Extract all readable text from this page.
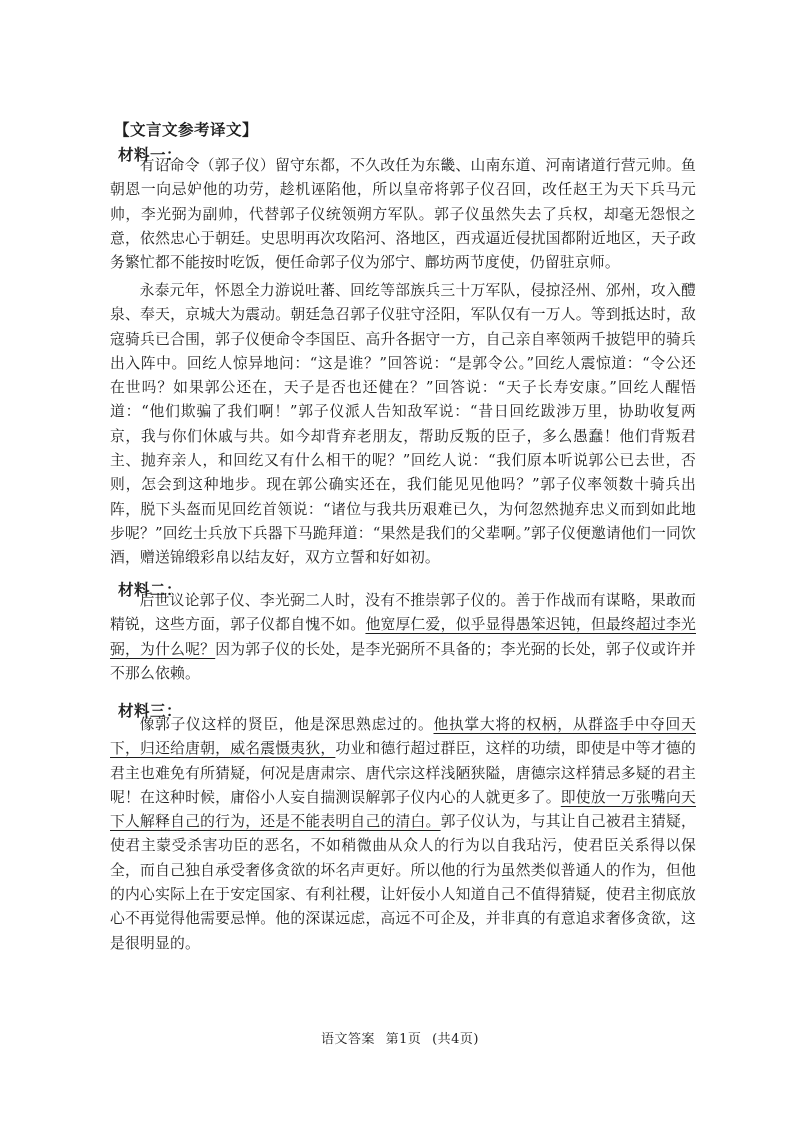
【文言文参考译文】
材料一：

有诏命令（郭子仪）留守东都，不久改任为东畿、山南东道、河南诸道行营元帅。鱼朝恩一向忌妒他的功劳，趁机诬陷他，所以皇帝将郭子仪召回，改任赵王为天下兵马元帅，李光弼为副帅，代替郭子仪统领朔方军队。郭子仪虽然失去了兵权，却毫无怨恨之意，依然忠心于朝廷。史思明再次攻陷河、洛地区，西戎逼近侵扰国都附近地区，天子政务繁忙都不能按时吃饭，便任命郭子仪为邠宁、鄜坊两节度使，仍留驻京师。

永泰元年，怀恩全力游说吐蕃、回纥等部族兵三十万军队，侵掠泾州、邠州，攻入醴泉、奉天，京城大为震动。朝廷急召郭子仪驻守泾阳，军队仅有一万人。等到抵达时，敌寇骑兵已合围，郭子仪便命令李国臣、高升各据守一方，自己亲自率领两千披铠甲的骑兵出入阵中。回纥人惊异地问：“这是谁？”回答说：“是郭令公。”回纥人震惊道：“令公还在世吗？如果郭公还在，天子是否也还健在？”回答说：“天子长寿安康。”回纥人醒悟道：“他们欺骗了我们啊！”郭子仪派人告知敌军说：“昔日回纥跋涉万里，协助收复两京，我与你们休戚与共。如今却背弃老朋友，帮助反叛的臣子，多么愚蠢！他们背叛君主、抛弃亲人，和回纥又有什么相干的呢？”回纥人说：“我们原本听说郭公已去世，否则，怎会到这种地步。现在郭公确实还在，我们能见见他吗？”郭子仪率领数十骑兵出阵，脱下头盔而见回纥首领说：“诸位与我共历艰难已久，为何忽然抛弃忠义而到如此地步呢？”回纥士兵放下兵器下马跪拜道：“果然是我们的父辈啊。”郭子仪便邀请他们一同饮酒，赠送锦缎彩帛以结友好，双方立誓和好如初。

材料二：

后世议论郭子仪、李光弼二人时，没有不推崇郭子仪的。善于作战而有谋略，果敢而精锐，这些方面，郭子仪都自愧不如。他宽厚仁爱，似乎显得愚笨迟钝，但最终超过李光弼，为什么呢？因为郭子仪的长处，是李光弼所不具备的；李光弼的长处，郭子仪或许并不那么依赖。

材料三：

像郭子仪这样的贤臣，他是深思熟虑过的。他执掌大将的权柄，从群盗手中夺回天下，归还给唐朝，威名震慑夷狄，功业和德行超过群臣，这样的功绩，即使是中等才德的君主也难免有所猜疑，何况是唐肃宗、唐代宗这样浅陋狭隘，唐德宗这样猜忌多疑的君主呢！在这种时候，庸俗小人妄自揣测误解郭子仪内心的人就更多了。即使放一万张嘴向天下人解释自己的行为，还是不能表明自己的清白。郭子仪认为，与其让自己被君主猜疑，使君主蒙受杀害功臣的恶名，不如稍微曲从众人的行为以自我玷污，使君臣关系得以保全，而自己独自承受奢侈贪欲的坏名声更好。所以他的行为虽然类似普通人的作为，但他的内心实际上在于安定国家、有利社稷，让奸佞小人知道自己不值得猜疑，使君主彻底放心不再觉得他需要忌惮。他的深谋远虑，高远不可企及，并非真的有意追求奢侈贪欲，这是很明显的。

语文答案 第1页 (共4页)
